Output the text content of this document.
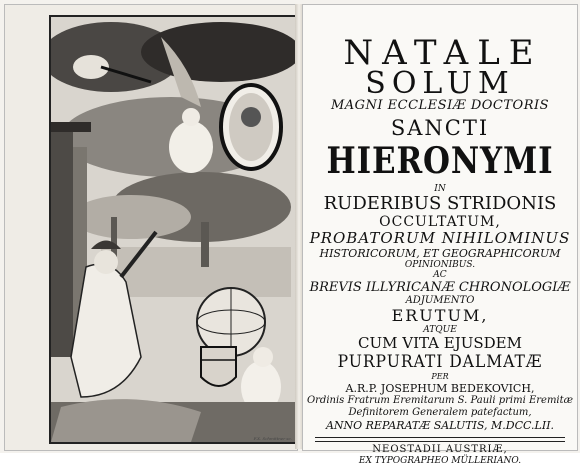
F.X. Schmittner sc.
NATALE
SOLUM
MAGNI ECCLESIÆ DOCTORIS
SANCTI
HIERONYMI
IN
RUDERIBUS STRIDONIS
OCCULTATUM,
PROBATORUM NIHILOMINUS
HISTORICORUM, ET GEOGRAPHICORUM
OPINIONIBUS.
AC
BREVIS ILLYRICANÆ CHRONOLOGIÆ
ADJUMENTO
ERUTUM,
ATQUE
CUM VITA EJUSDEM
PURPURATI DALMATÆ
PER
A.R.P. JOSEPHUM BEDEKOVICH,
Ordinis Fratrum Eremitarum S. Pauli primi Eremitæ
Definitorem Generalem patefactum,
ANNO REPARATÆ SALUTIS, M.DCC.LII.
NEOSTADII AUSTRIÆ,
EX TYPOGRAPHEO MÜLLERIANO.
